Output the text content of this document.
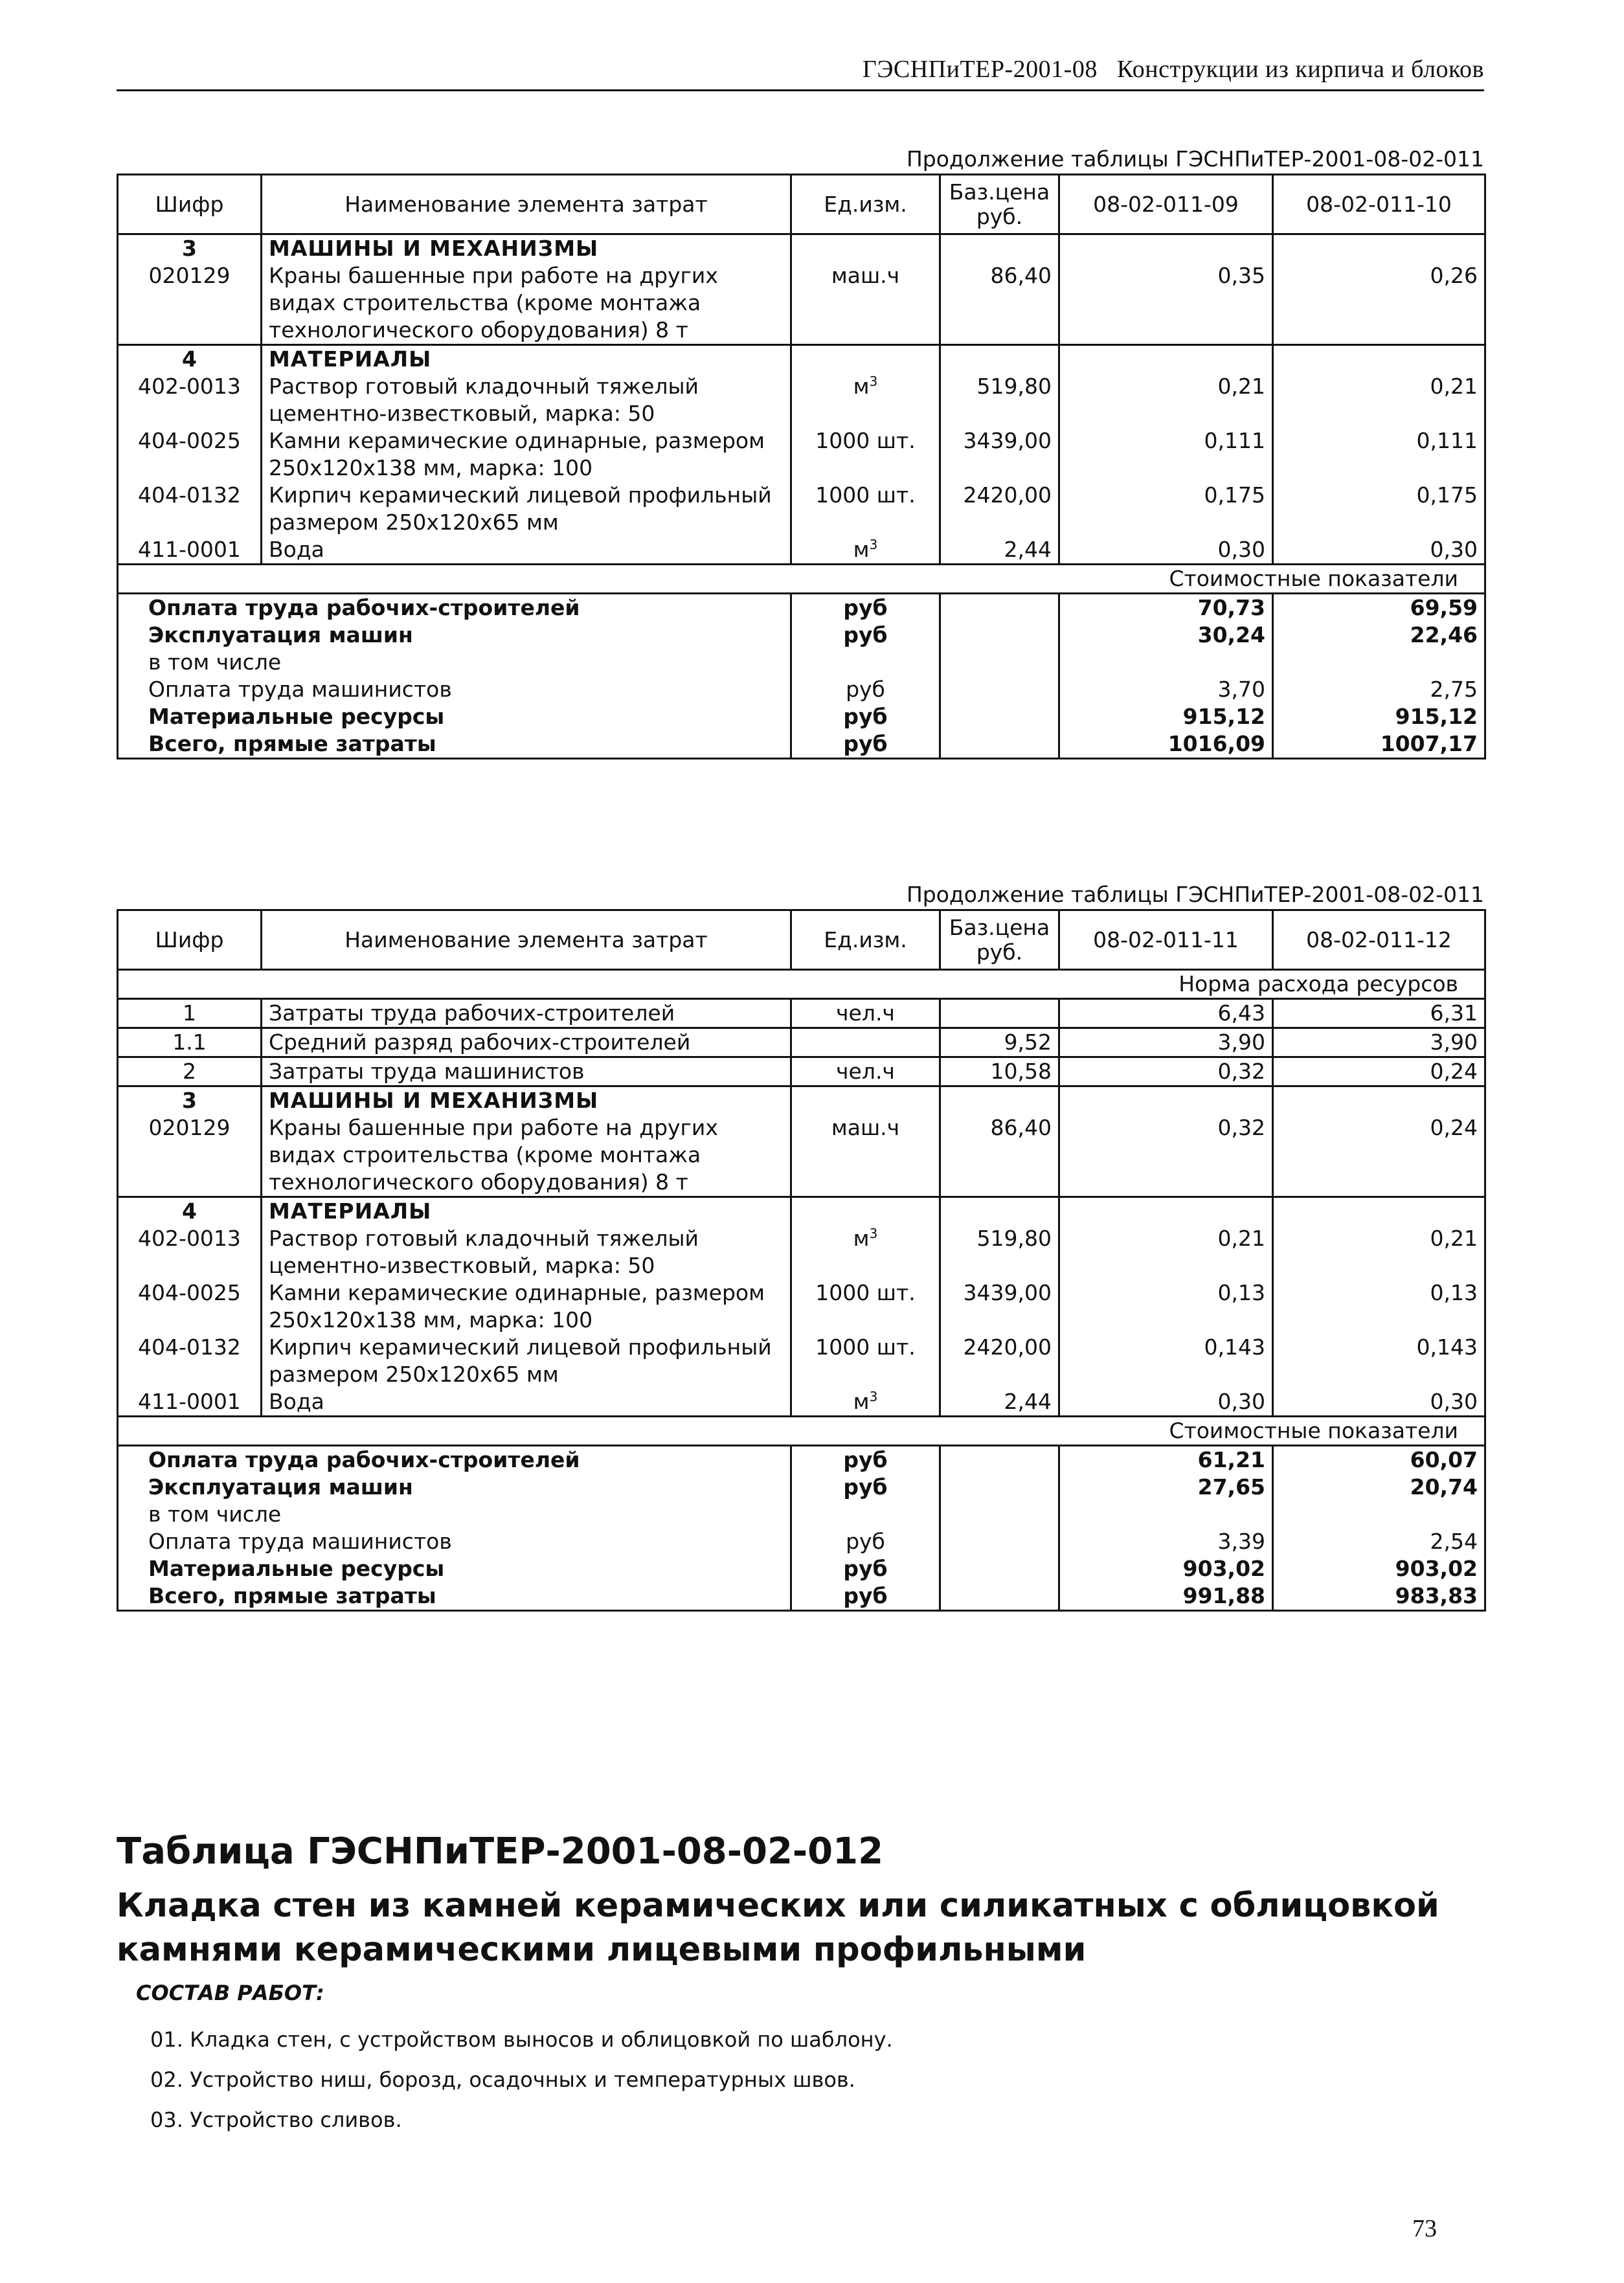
ГЭСНПиТЕР-2001-08 Конструкции из кирпича и блоков
Продолжение таблицы ГЭСНПиТЕР-2001-08-02-011
Шифр	Наименование элемента затрат	Ед.изм.	Баз.цена руб.	08-02-011-09	08-02-011-10
3	МАШИНЫ И МЕХАНИЗМЫ				
020129	Краны башенные при работе на других видах строительства (кроме монтажа технологического оборудования) 8 т	маш.ч	86,40	0,35	0,26
4	МАТЕРИАЛЫ				
402-0013	Раствор готовый кладочный тяжелый цементно-известковый, марка: 50	$м^3$	519,80	0,21	0,21
404-0025	Камни керамические одинарные, размером 250x120x138 мм, марка: 100	1000 шт.	3439,00	0,111	0,111
404-0132	Кирпич керамический лицевой профильный размером 250x120x65 мм	1000 шт.	2420,00	0,175	0,175
411-0001	Вода	$м^3$	2,44	0,30	0,30
Стоимостные показатели					
Оплата труда рабочих-строителей		руб		70,73	69,59
Эксплуатация машин		руб		30,24	22,46
в том числе					
Оплата труда машинистов		руб		3,70	2,75
Материальные ресурсы		руб		915,12	915,12
Всего, прямые затраты		руб		1016,09	1007,17
Продолжение таблицы ГЭСНПиТЕР-2001-08-02-011
Шифр	Наименование элемента затрат	Ед.изм.	Баз.цена руб.	08-02-011-11	08-02-011-12
Норма расхода ресурсов					
1	Затраты труда рабочих-строителей	чел.ч		6,43	6,31
1.1	Средний разряд рабочих-строителей		9,52	3,90	3,90
2	Затраты труда машинистов	чел.ч	10,58	0,32	0,24
3	МАШИНЫ И МЕХАНИЗМЫ				
020129	Краны башенные при работе на других видах строительства (кроме монтажа технологического оборудования) 8 т	маш.ч	86,40	0,32	0,24
4	МАТЕРИАЛЫ				
402-0013	Раствор готовый кладочный тяжелый цементно-известковый, марка: 50	$м^3$	519,80	0,21	0,21
404-0025	Камни керамические одинарные, размером 250x120x138 мм, марка: 100	1000 шт.	3439,00	0,13	0,13
404-0132	Кирпич керамический лицевой профильный размером 250x120x65 мм	1000 шт.	2420,00	0,143	0,143
411-0001	Вода	$м^3$	2,44	0,30	0,30
Стоимостные показатели					
Оплата труда рабочих-строителей		руб		61,21	60,07
Эксплуатация машин		руб		27,65	20,74
в том числе					
Оплата труда машинистов		руб		3,39	2,54
Материальные ресурсы		руб		903,02	903,02
Всего, прямые затраты		руб		991,88	983,83
Таблица ГЭСНПиТЕР-2001-08-02-012
Кладка стен из камней керамических или силикатных с облицовкой камнями керамическими лицевыми профильными
СОСТАВ РАБОТ:
01. Кладка стен, с устройством выносов и облицовкой по шаблону.
02. Устройство ниш, борозд, осадочных и температурных швов.
03. Устройство сливов.
73
